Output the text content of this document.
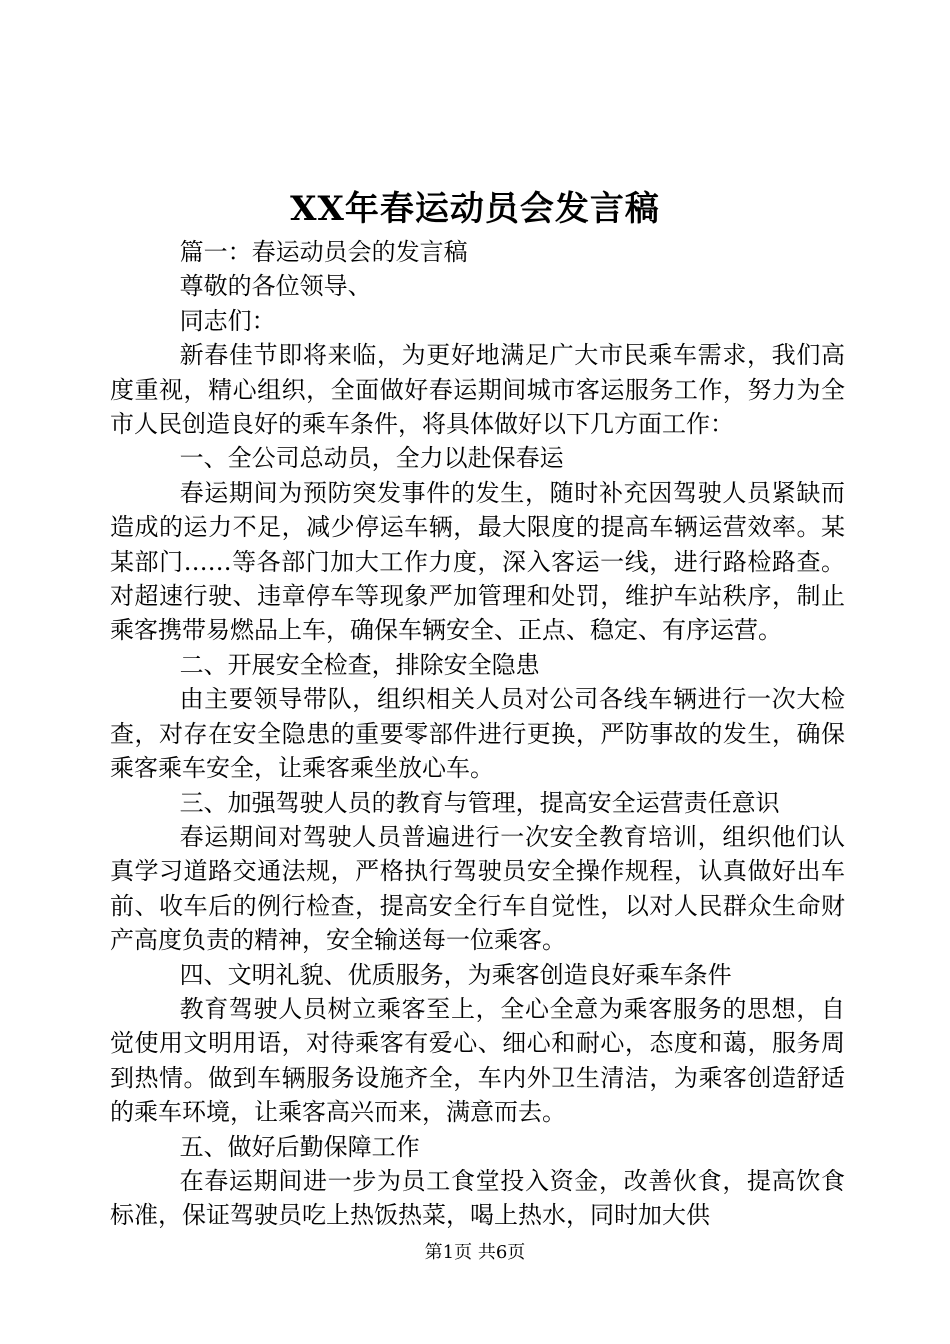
XX年春运动员会发言稿

篇一：春运动员会的发言稿

尊敬的各位领导、

同志们：

新春佳节即将来临，为更好地满足广大市民乘车需求，我们高度重视，精心组织，全面做好春运期间城市客运服务工作，努力为全市人民创造良好的乘车条件，将具体做好以下几方面工作：

一、全公司总动员，全力以赴保春运

春运期间为预防突发事件的发生，随时补充因驾驶人员紧缺而造成的运力不足，减少停运车辆，最大限度的提高车辆运营效率。某某部门……等各部门加大工作力度，深入客运一线，进行路检路查。对超速行驶、违章停车等现象严加管理和处罚，维护车站秩序，制止乘客携带易燃品上车，确保车辆安全、正点、稳定、有序运营。

二、开展安全检查，排除安全隐患

由主要领导带队，组织相关人员对公司各线车辆进行一次大检查，对存在安全隐患的重要零部件进行更换，严防事故的发生，确保乘客乘车安全，让乘客乘坐放心车。

三、加强驾驶人员的教育与管理，提高安全运营责任意识

春运期间对驾驶人员普遍进行一次安全教育培训，组织他们认真学习道路交通法规，严格执行驾驶员安全操作规程，认真做好出车前、收车后的例行检查，提高安全行车自觉性，以对人民群众生命财产高度负责的精神，安全输送每一位乘客。

四、文明礼貌、优质服务，为乘客创造良好乘车条件

教育驾驶人员树立乘客至上，全心全意为乘客服务的思想，自觉使用文明用语，对待乘客有爱心、细心和耐心，态度和蔼，服务周到热情。做到车辆服务设施齐全，车内外卫生清洁，为乘客创造舒适的乘车环境，让乘客高兴而来，满意而去。

五、做好后勤保障工作

在春运期间进一步为员工食堂投入资金，改善伙食，提高饮食标准，保证驾驶员吃上热饭热菜，喝上热水，同时加大供

第1页 共6页
